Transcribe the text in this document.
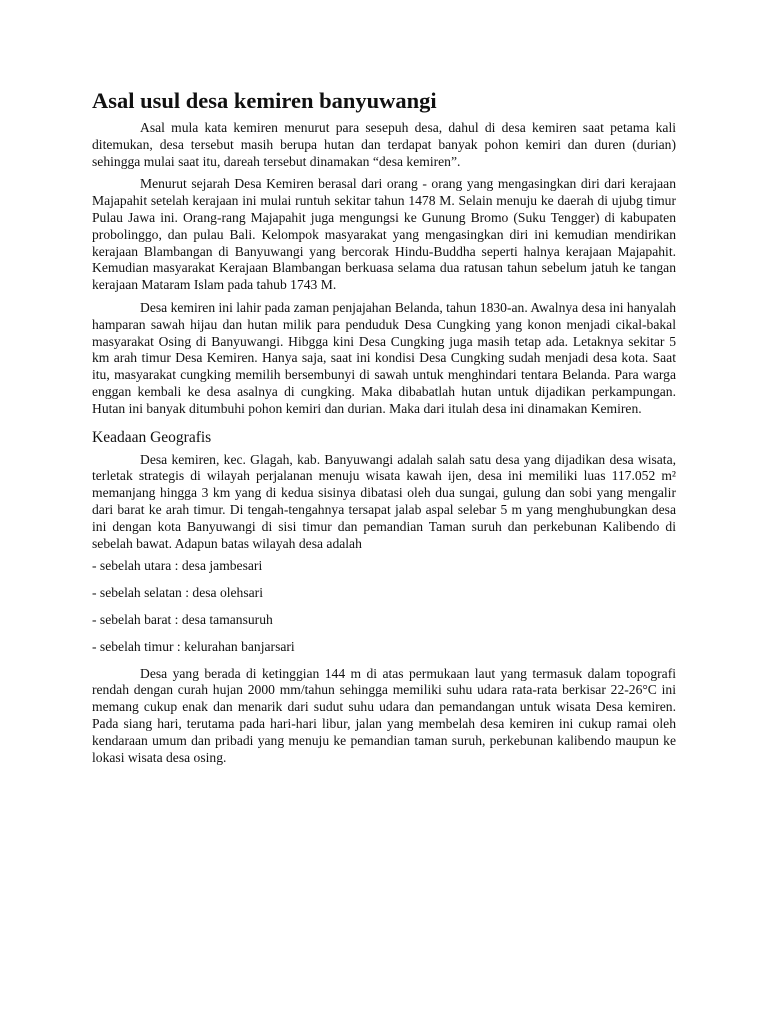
Asal usul desa kemiren banyuwangi

Asal mula kata kemiren menurut para sesepuh desa, dahul di desa kemiren saat petama kali ditemukan, desa tersebut masih berupa hutan dan terdapat banyak pohon kemiri dan duren (durian) sehingga mulai saat itu, dareah tersebut dinamakan “desa kemiren”.

Menurut sejarah Desa Kemiren berasal dari orang - orang yang mengasingkan diri dari kerajaan Majapahit setelah kerajaan ini mulai runtuh sekitar tahun 1478 M. Selain menuju ke daerah di ujubg timur Pulau Jawa ini. Orang-rang Majapahit juga mengungsi ke Gunung Bromo (Suku Tengger) di kabupaten probolinggo, dan pulau Bali. Kelompok masyarakat yang mengasingkan diri ini kemudian mendirikan kerajaan Blambangan di Banyuwangi yang bercorak Hindu-Buddha seperti halnya kerajaan Majapahit. Kemudian masyarakat Kerajaan Blambangan berkuasa selama dua ratusan tahun sebelum jatuh ke tangan kerajaan Mataram Islam pada tahub 1743 M.

Desa kemiren ini lahir pada zaman penjajahan Belanda, tahun 1830-an. Awalnya desa ini hanyalah hamparan sawah hijau dan hutan milik para penduduk Desa Cungking yang konon menjadi cikal-bakal masyarakat Osing di Banyuwangi. Hibgga kini Desa Cungking juga masih tetap ada. Letaknya sekitar 5 km arah timur Desa Kemiren. Hanya saja, saat ini kondisi Desa Cungking sudah menjadi desa kota. Saat itu, masyarakat cungking memilih bersembunyi di sawah untuk menghindari tentara Belanda. Para warga enggan kembali ke desa asalnya di cungking. Maka dibabatlah hutan untuk dijadikan perkampungan. Hutan ini banyak ditumbuhi pohon kemiri dan durian. Maka dari itulah desa ini dinamakan Kemiren.

Keadaan Geografis

Desa kemiren, kec. Glagah, kab. Banyuwangi adalah salah satu desa yang dijadikan desa wisata, terletak strategis di wilayah perjalanan menuju wisata kawah ijen, desa ini memiliki luas 117.052 m² memanjang hingga 3 km yang di kedua sisinya dibatasi oleh dua sungai, gulung dan sobi yang mengalir dari barat ke arah timur. Di tengah-tengahnya tersapat jalab aspal selebar 5 m yang menghubungkan desa ini dengan kota Banyuwangi di sisi timur dan pemandian Taman suruh dan perkebunan Kalibendo di sebelah bawat. Adapun batas wilayah desa adalah

- sebelah utara : desa jambesari

- sebelah selatan : desa olehsari

- sebelah barat : desa tamansuruh

- sebelah timur : kelurahan banjarsari

Desa yang berada di ketinggian 144 m di atas permukaan laut yang termasuk dalam topografi rendah dengan curah hujan 2000 mm/tahun sehingga memiliki suhu udara rata-rata berkisar 22-26°C ini memang cukup enak dan menarik dari sudut suhu udara dan pemandangan untuk wisata Desa kemiren. Pada siang hari, terutama pada hari-hari libur, jalan yang membelah desa kemiren ini cukup ramai oleh kendaraan umum dan pribadi yang menuju ke pemandian taman suruh, perkebunan kalibendo maupun ke lokasi wisata desa osing.
